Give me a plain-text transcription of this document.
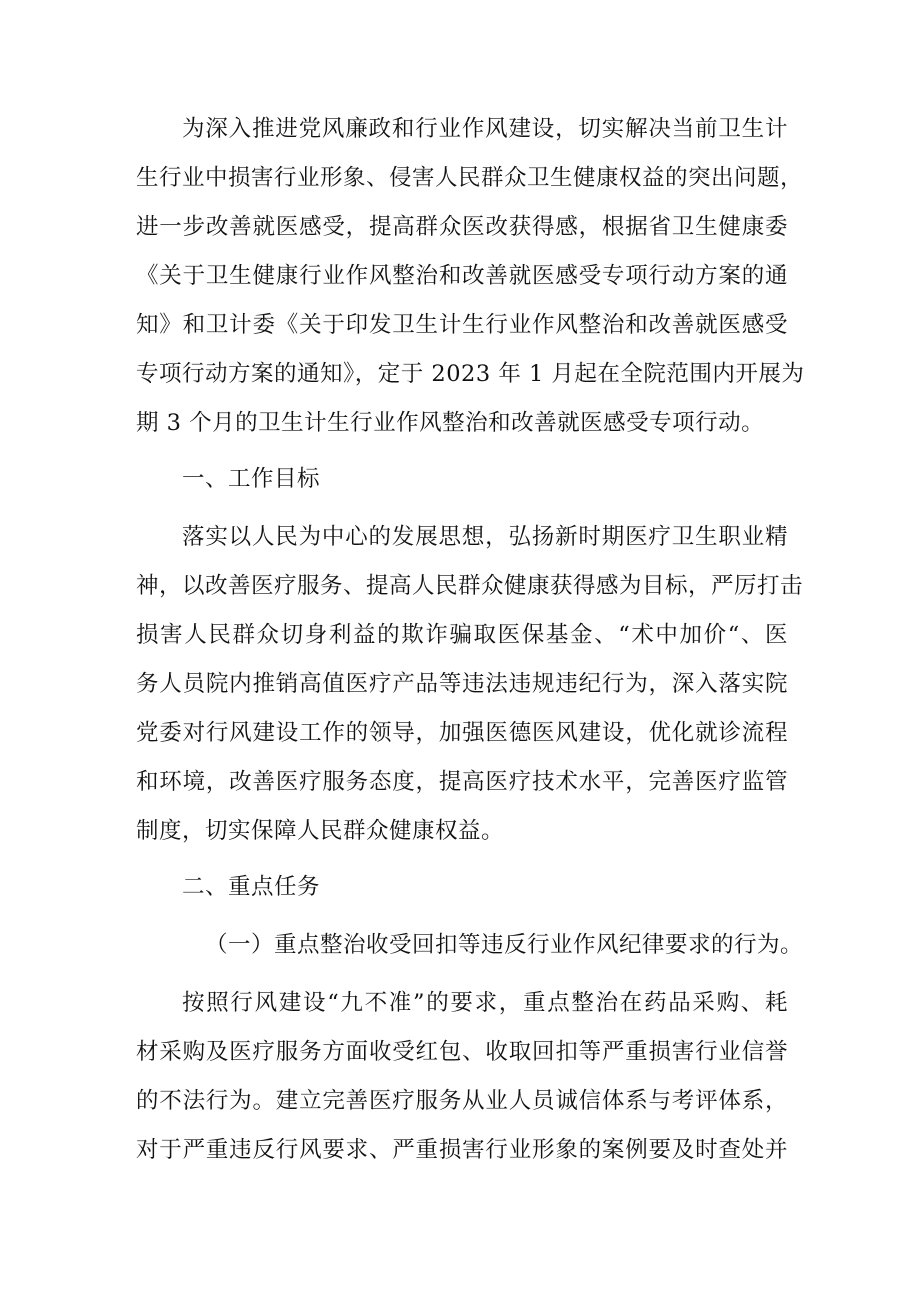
为深入推进党风廉政和行业作风建设，切实解决当前卫生计

生行业中损害行业形象、侵害人民群众卫生健康权益的突出问题，

进一步改善就医感受，提高群众医改获得感，根据省卫生健康委

《关于卫生健康行业作风整治和改善就医感受专项行动方案的通

知》和卫计委《关于印发卫生计生行业作风整治和改善就医感受

专项行动方案的通知》，定于 2023 年 1 月起在全院范围内开展为

期 3 个月的卫生计生行业作风整治和改善就医感受专项行动。

一、工作目标

落实以人民为中心的发展思想，弘扬新时期医疗卫生职业精

神，以改善医疗服务、提高人民群众健康获得感为目标，严厉打击

损害人民群众切身利益的欺诈骗取医保基金、“术中加价“、医

务人员院内推销高值医疗产品等违法违规违纪行为，深入落实院

党委对行风建设工作的领导，加强医德医风建设，优化就诊流程

和环境，改善医疗服务态度，提高医疗技术水平，完善医疗监管

制度，切实保障人民群众健康权益。

二、重点任务

（一）重点整治收受回扣等违反行业作风纪律要求的行为。

按照行风建设“九不准”的要求，重点整治在药品采购、耗

材采购及医疗服务方面收受红包、收取回扣等严重损害行业信誉

的不法行为。建立完善医疗服务从业人员诚信体系与考评体系，

对于严重违反行风要求、严重损害行业形象的案例要及时查处并
